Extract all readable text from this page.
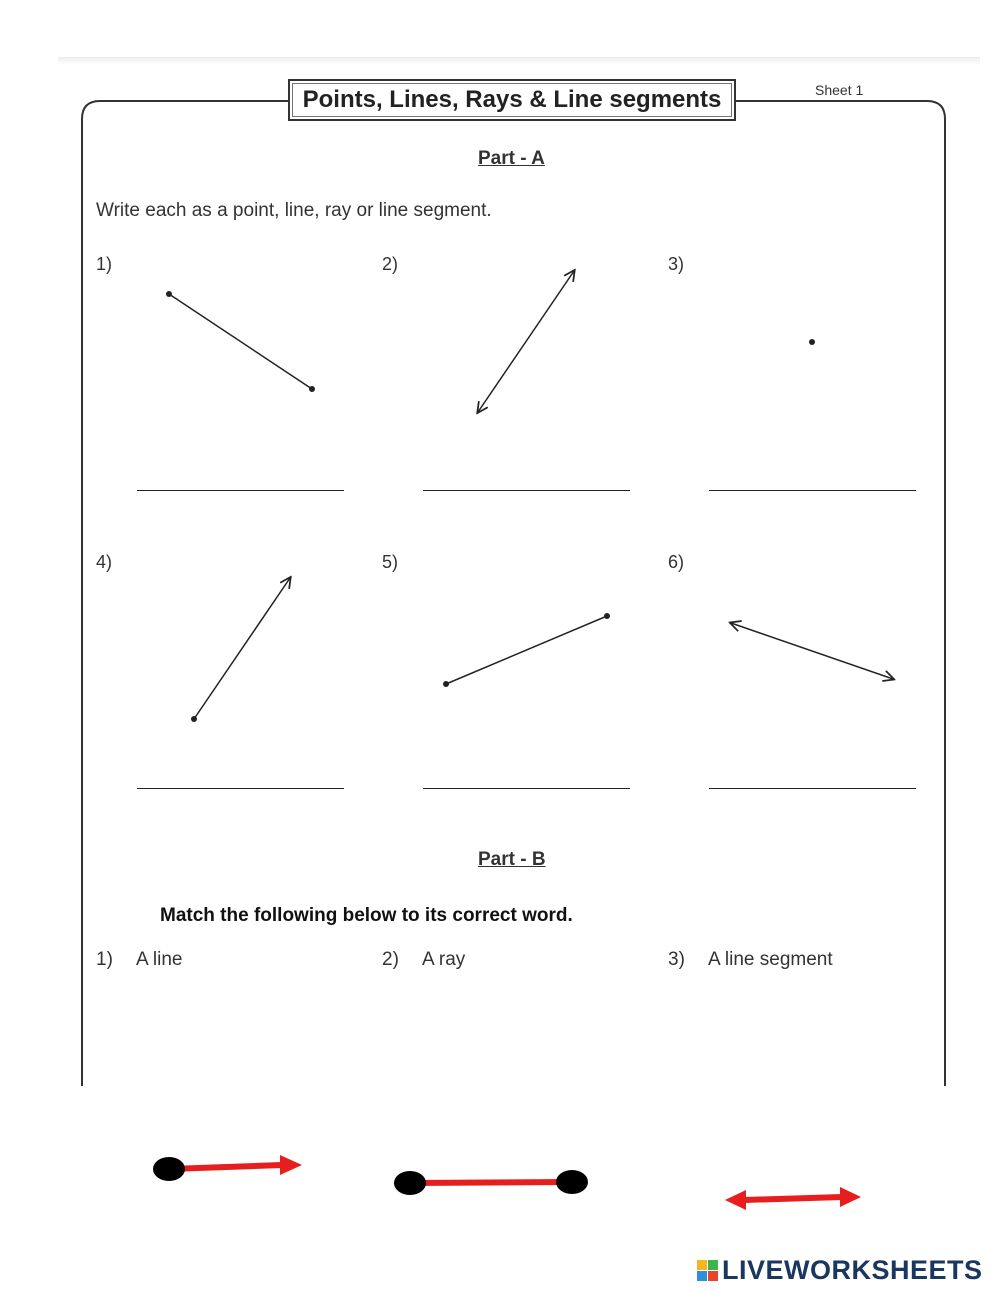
Points, Lines, Rays & Line segments	Sheet 1
Part - A
Write each as a point, line, ray or line segment.
1)	2)	3)
4)	5)	6)
Part - B
Match the following below to its correct word.
1) A line	2) A ray	3) A line segment
LIVEWORKSHEETS
